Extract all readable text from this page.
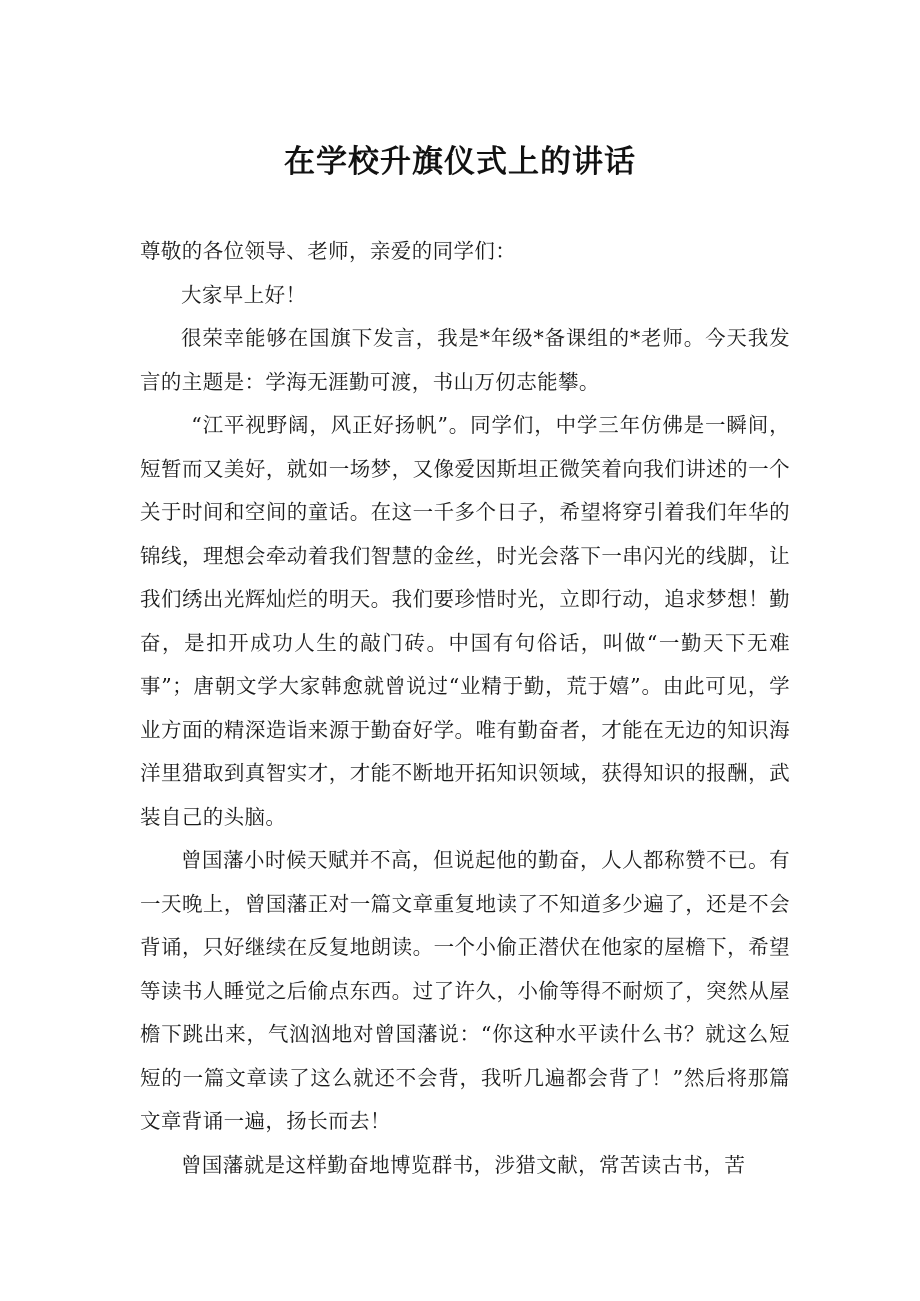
在学校升旗仪式上的讲话

尊敬的各位领导、老师，亲爱的同学们：

大家早上好！

很荣幸能够在国旗下发言，我是*年级*备课组的*老师。今天我发言的主题是：学海无涯勤可渡，书山万仞志能攀。

“江平视野阔，风正好扬帆”。同学们，中学三年仿佛是一瞬间，短暂而又美好，就如一场梦，又像爱因斯坦正微笑着向我们讲述的一个关于时间和空间的童话。在这一千多个日子，希望将穿引着我们年华的锦线，理想会牵动着我们智慧的金丝，时光会落下一串闪光的线脚，让我们绣出光辉灿烂的明天。我们要珍惜时光，立即行动，追求梦想！勤奋，是扣开成功人生的敲门砖。中国有句俗话，叫做“一勤天下无难事”；唐朝文学大家韩愈就曾说过“业精于勤，荒于嬉”。由此可见，学业方面的精深造诣来源于勤奋好学。唯有勤奋者，才能在无边的知识海洋里猎取到真智实才，才能不断地开拓知识领域，获得知识的报酬，武装自己的头脑。

曾国藩小时候天赋并不高，但说起他的勤奋，人人都称赞不已。有一天晚上，曾国藩正对一篇文章重复地读了不知道多少遍了，还是不会背诵，只好继续在反复地朗读。一个小偷正潜伏在他家的屋檐下，希望等读书人睡觉之后偷点东西。过了许久，小偷等得不耐烦了，突然从屋檐下跳出来，气汹汹地对曾国藩说：“你这种水平读什么书？就这么短短的一篇文章读了这么就还不会背，我听几遍都会背了！”然后将那篇文章背诵一遍，扬长而去！

曾国藩就是这样勤奋地博览群书，涉猎文献，常苦读古书，苦
